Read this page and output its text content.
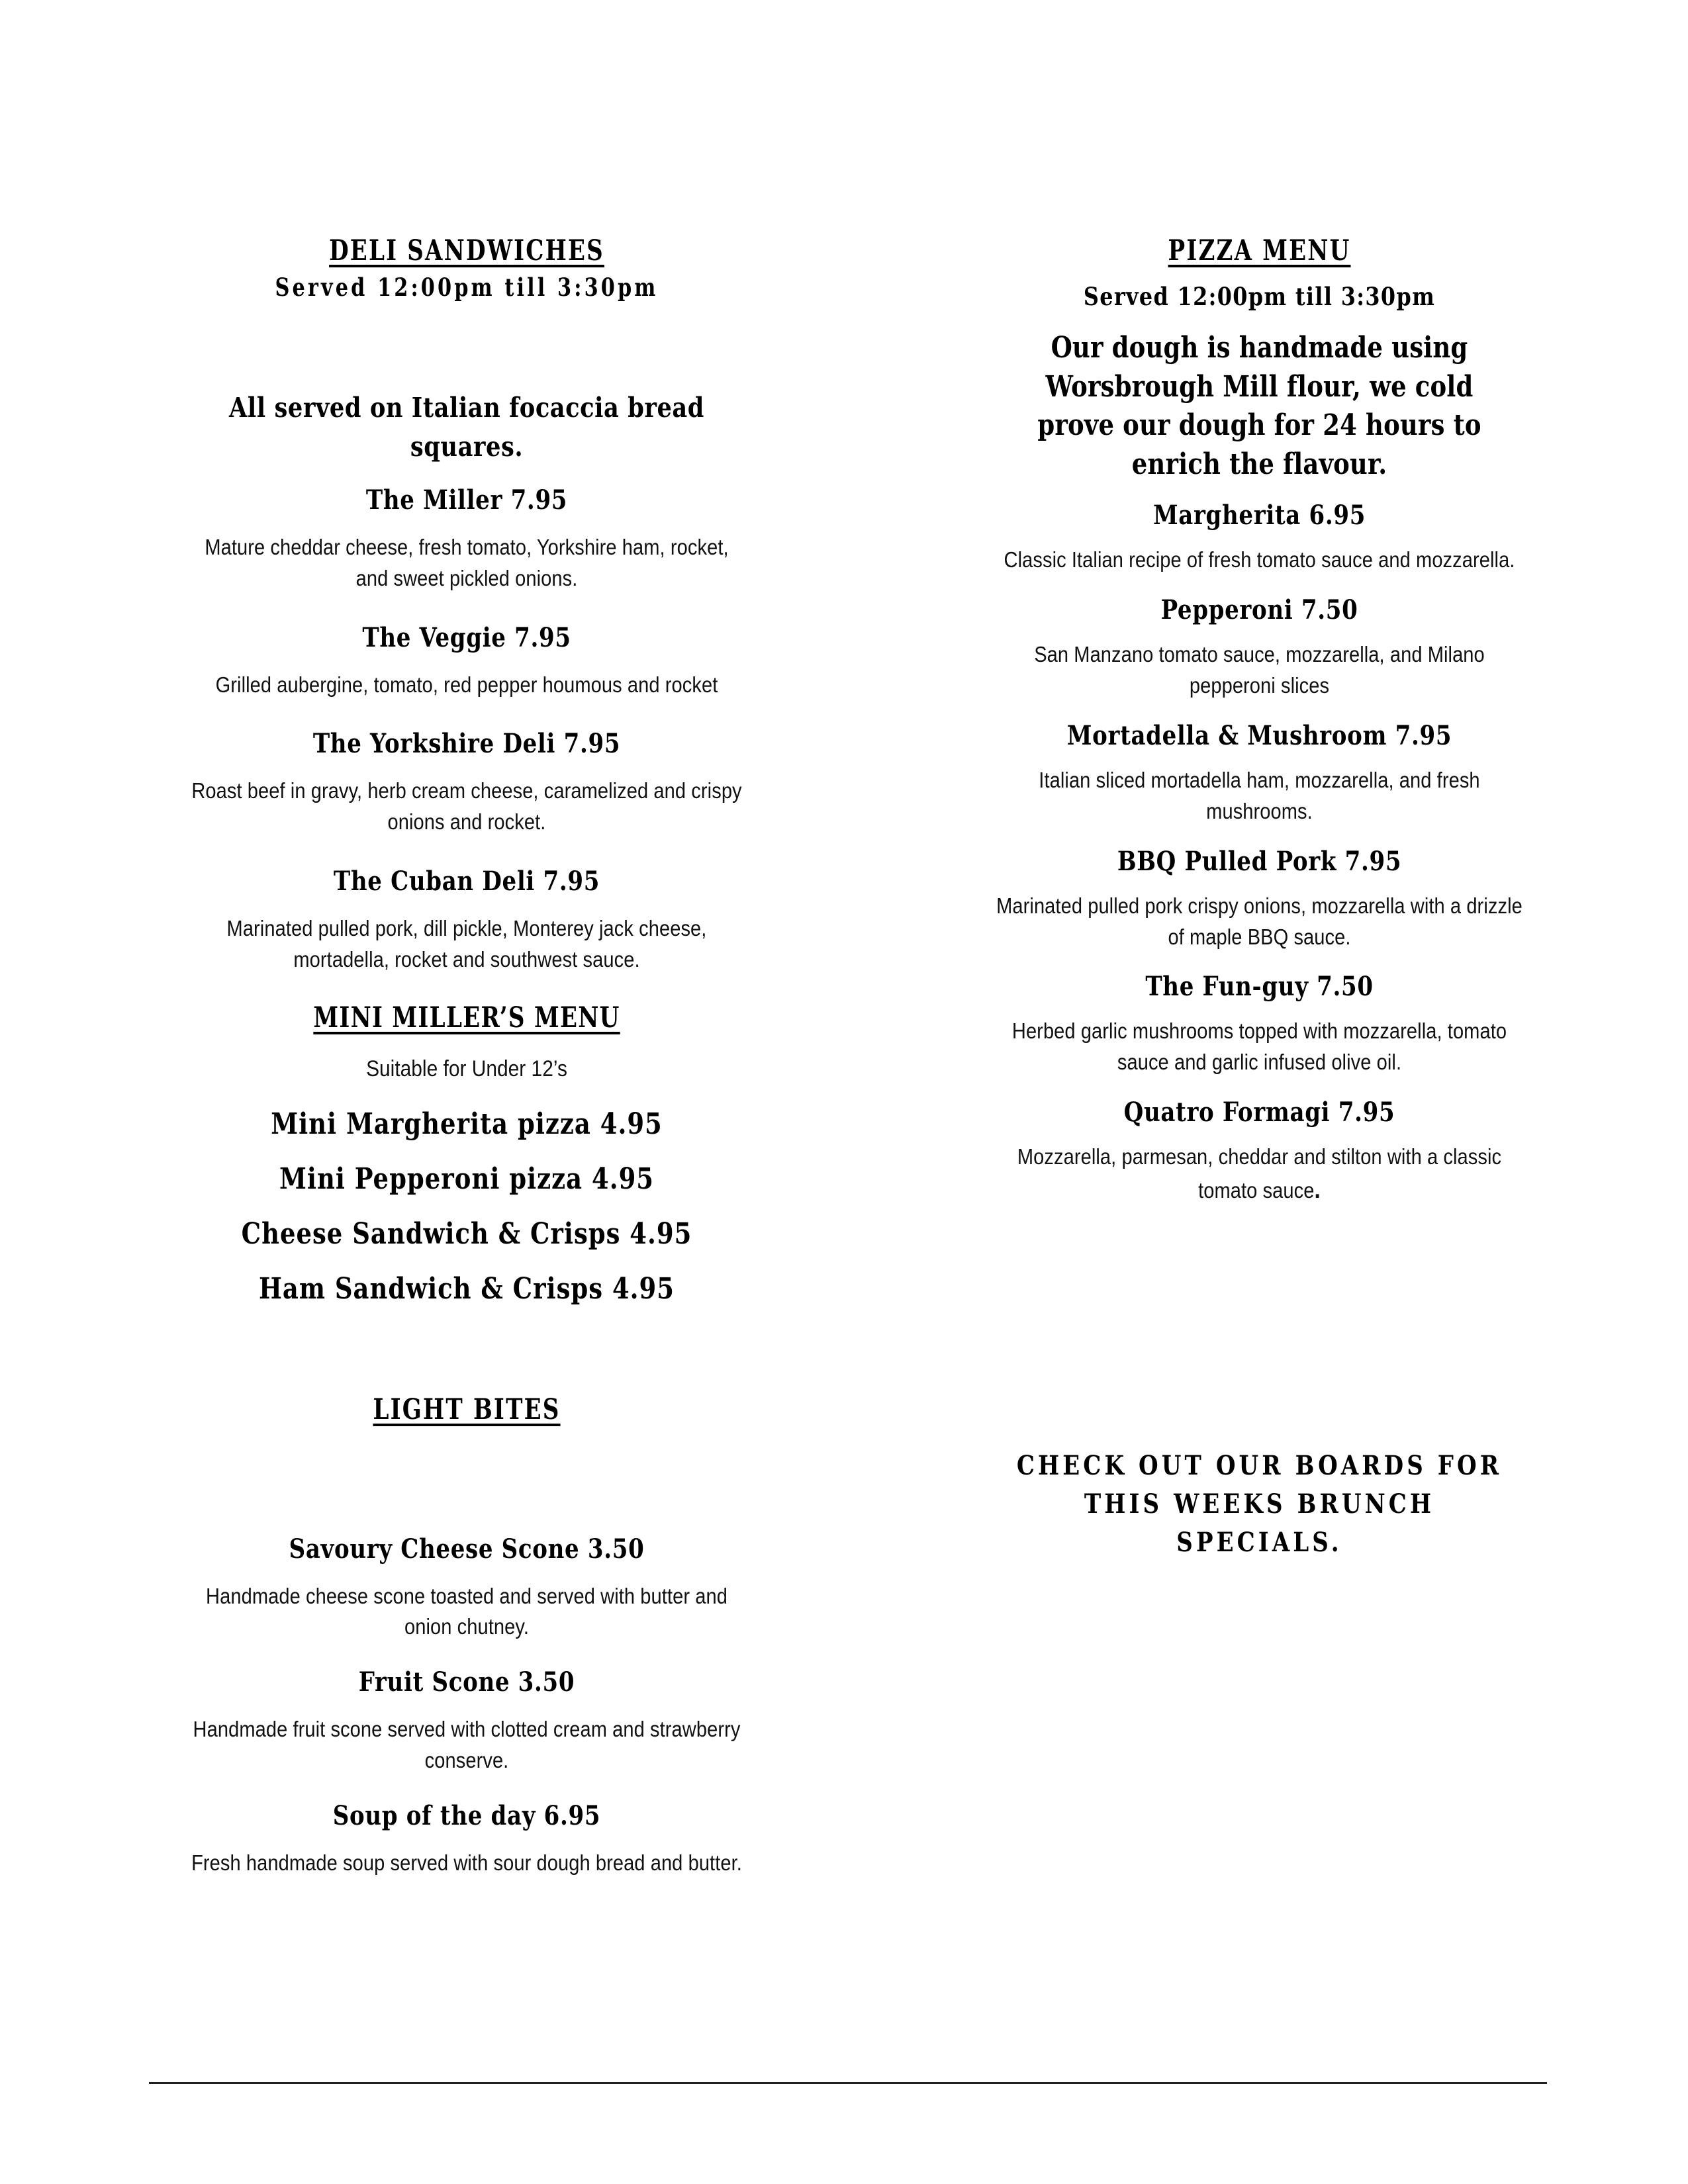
DELI SANDWICHES
Served 12:00pm till 3:30pm
All served on Italian focaccia bread squares.
The Miller 7.95
Mature cheddar cheese, fresh tomato, Yorkshire ham, rocket, and sweet pickled onions.
The Veggie 7.95
Grilled aubergine, tomato, red pepper houmous and rocket
The Yorkshire Deli 7.95
Roast beef in gravy, herb cream cheese, caramelized and crispy onions and rocket.
The Cuban Deli 7.95
Marinated pulled pork, dill pickle, Monterey jack cheese, mortadella, rocket and southwest sauce.
MINI MILLER’S MENU
Suitable for Under 12’s
Mini Margherita pizza 4.95
Mini Pepperoni pizza 4.95
Cheese Sandwich & Crisps 4.95
Ham Sandwich & Crisps 4.95
LIGHT BITES
Savoury Cheese Scone 3.50
Handmade cheese scone toasted and served with butter and onion chutney.
Fruit Scone 3.50
Handmade fruit scone served with clotted cream and strawberry conserve.
Soup of the day 6.95
Fresh handmade soup served with sour dough bread and butter.
PIZZA MENU
Served 12:00pm till 3:30pm
Our dough is handmade using Worsbrough Mill flour, we cold prove our dough for 24 hours to enrich the flavour.
Margherita 6.95
Classic Italian recipe of fresh tomato sauce and mozzarella.
Pepperoni 7.50
San Manzano tomato sauce, mozzarella, and Milano pepperoni slices
Mortadella & Mushroom 7.95
Italian sliced mortadella ham, mozzarella, and fresh mushrooms.
BBQ Pulled Pork 7.95
Marinated pulled pork crispy onions, mozzarella with a drizzle of maple BBQ sauce.
The Fun-guy 7.50
Herbed garlic mushrooms topped with mozzarella, tomato sauce and garlic infused olive oil.
Quatro Formagi 7.95
Mozzarella, parmesan, cheddar and stilton with a classic tomato sauce.
CHECK OUT OUR BOARDS FOR THIS WEEKS BRUNCH SPECIALS.
